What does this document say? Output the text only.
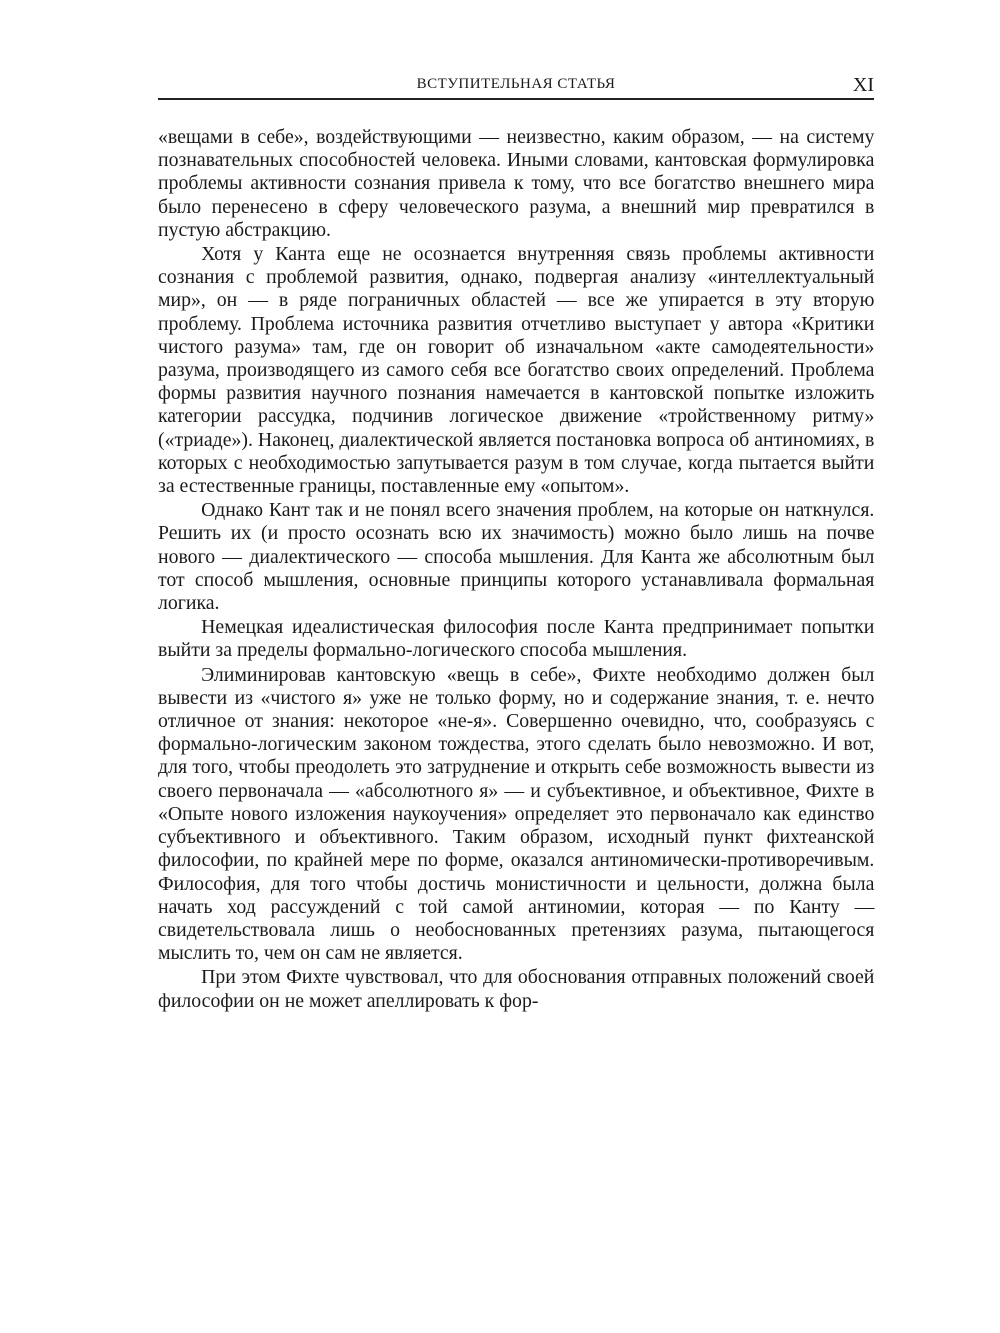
ВСТУПИТЕЛЬНАЯ СТАТЬЯ	XI

«вещами в себе», воздействующими — неизвестно, каким образом, — на систему познавательных способностей человека. Иными словами, кантовская формулировка проблемы активности сознания привела к тому, что все богатство внешнего мира было перенесено в сферу человеческого разума, а внешний мир превратился в пустую абстракцию.

Хотя у Канта еще не осознается внутренняя связь проблемы активности сознания с проблемой развития, однако, подвергая анализу «интеллектуальный мир», он — в ряде пограничных областей — все же упирается в эту вторую проблему. Проблема источника развития отчетливо выступает у автора «Критики чистого разума» там, где он говорит об изначальном «акте самодеятельности» разума, производящего из самого себя все богатство своих определений. Проблема формы развития научного познания намечается в кантовской попытке изложить категории рассудка, подчинив логическое движение «тройственному ритму» («триаде»). Наконец, диалектической является постановка вопроса об антиномиях, в которых с необходимостью запутывается разум в том случае, когда пытается выйти за естественные границы, поставленные ему «опытом».

Однако Кант так и не понял всего значения проблем, на которые он наткнулся. Решить их (и просто осознать всю их значимость) можно было лишь на почве нового — диалектического — способа мышления. Для Канта же абсолютным был тот способ мышления, основные принципы которого устанавливала формальная логика.

Немецкая идеалистическая философия после Канта предпринимает попытки выйти за пределы формально-логического способа мышления.

Элиминировав кантовскую «вещь в себе», Фихте необходимо должен был вывести из «чистого я» уже не только форму, но и содержание знания, т. е. нечто отличное от знания: некоторое «не-я». Совершенно очевидно, что, сообразуясь с формально-логическим законом тождества, этого сделать было невозможно. И вот, для того, чтобы преодолеть это затруднение и открыть себе возможность вывести из своего первоначала — «абсолютного я» — и субъективное, и объективное, Фихте в «Опыте нового изложения наукоучения» определяет это первоначало как единство субъективного и объективного. Таким образом, исходный пункт фихтеанской философии, по крайней мере по форме, оказался антиномически-противоречивым. Философия, для того чтобы достичь монистичности и цельности, должна была начать ход рассуждений с той самой антиномии, которая — по Канту — свидетельствовала лишь о необоснованных претензиях разума, пытающегося мыслить то, чем он сам не является.

При этом Фихте чувствовал, что для обоснования отправных положений своей философии он не может апеллировать к фор-
